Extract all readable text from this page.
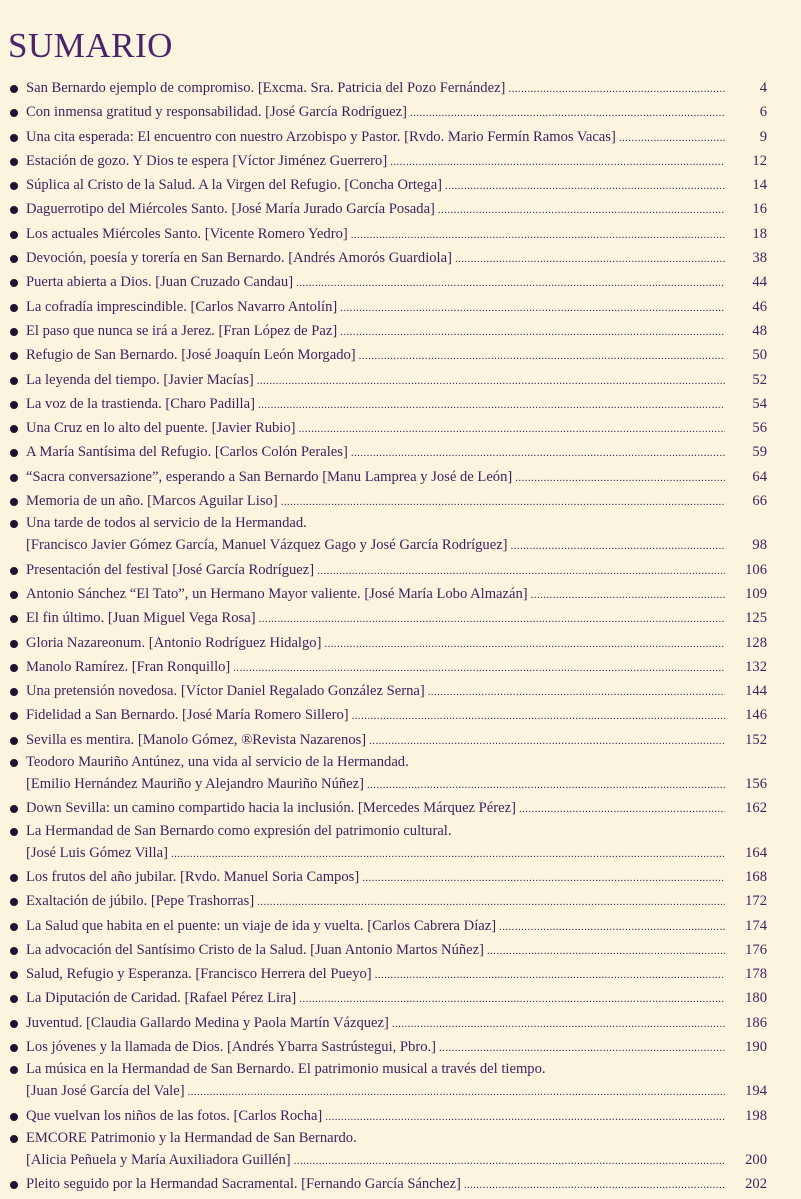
SUMARIO
San Bernardo ejemplo de compromiso. [Excma. Sra. Patricia del Pozo Fernández] .....	4
Con inmensa gratitud y responsabilidad. [José García Rodríguez] .....	6
Una cita esperada: El encuentro con nuestro Arzobispo y Pastor. [Rvdo. Mario Fermín Ramos Vacas] .....	9
Estación de gozo. Y Dios te espera [Víctor Jiménez Guerrero] .....	12
Súplica al Cristo de la Salud. A la Virgen del Refugio. [Concha Ortega] .....	14
Daguerrotipo del Miércoles Santo. [José María Jurado García Posada] .....	16
Los actuales Miércoles Santo. [Vicente Romero Yedro] .....	18
Devoción, poesía y torería en San Bernardo. [Andrés Amorós Guardiola] .....	38
Puerta abierta a Dios. [Juan Cruzado Candau] .....	44
La cofradía imprescindible. [Carlos Navarro Antolín] .....	46
El paso que nunca se irá a Jerez. [Fran López de Paz] .....	48
Refugio de San Bernardo. [José Joaquín León Morgado] .....	50
La leyenda del tiempo. [Javier Macías] .....	52
La voz de la trastienda. [Charo Padilla] .....	54
Una Cruz en lo alto del puente. [Javier Rubio] .....	56
A María Santísima del Refugio. [Carlos Colón Perales] .....	59
“Sacra conversazione”, esperando a San Bernardo [Manu Lamprea y José de León] .....	64
Memoria de un año. [Marcos Aguilar Liso] .....	66
Una tarde de todos al servicio de la Hermandad.
[Francisco Javier Gómez García, Manuel Vázquez Gago y José García Rodríguez] .....	98
Presentación del festival [José García Rodríguez] .....	106
Antonio Sánchez “El Tato”, un Hermano Mayor valiente. [José María Lobo Almazán] .....	109
El fin último. [Juan Miguel Vega Rosa] .....	125
Gloria Nazareonum. [Antonio Rodríguez Hidalgo] .....	128
Manolo Ramírez. [Fran Ronquillo] .....	132
Una pretensión novedosa. [Víctor Daniel Regalado González Serna] .....	144
Fidelidad a San Bernardo. [José María Romero Sillero] .....	146
Sevilla es mentira. [Manolo Gómez, ®Revista Nazarenos] .....	152
Teodoro Mauriño Antúnez, una vida al servicio de la Hermandad.
[Emilio Hernández Mauriño y Alejandro Mauriño Núñez] .....	156
Down Sevilla: un camino compartido hacia la inclusión. [Mercedes Márquez Pérez] .....	162
La Hermandad de San Bernardo como expresión del patrimonio cultural.
[José Luis Gómez Villa] .....	164
Los frutos del año jubilar. [Rvdo. Manuel Soria Campos] .....	168
Exaltación de júbilo. [Pepe Trashorras] .....	172
La Salud que habita en el puente: un viaje de ida y vuelta. [Carlos Cabrera Díaz] .....	174
La advocación del Santísimo Cristo de la Salud. [Juan Antonio Martos Núñez] .....	176
Salud, Refugio y Esperanza. [Francisco Herrera del Pueyo] .....	178
La Diputación de Caridad. [Rafael Pérez Lira] .....	180
Juventud. [Claudia Gallardo Medina y Paola Martín Vázquez] .....	186
Los jóvenes y la llamada de Dios. [Andrés Ybarra Sastrústegui, Pbro.] .....	190
La música en la Hermandad de San Bernardo. El patrimonio musical a través del tiempo.
[Juan José García del Vale] .....	194
Que vuelvan los niños de las fotos. [Carlos Rocha] .....	198
EMCORE Patrimonio y la Hermandad de San Bernardo.
[Alicia Peñuela y María Auxiliadora Guillén] .....	200
Pleito seguido por la Hermandad Sacramental. [Fernando García Sánchez] .....	202
